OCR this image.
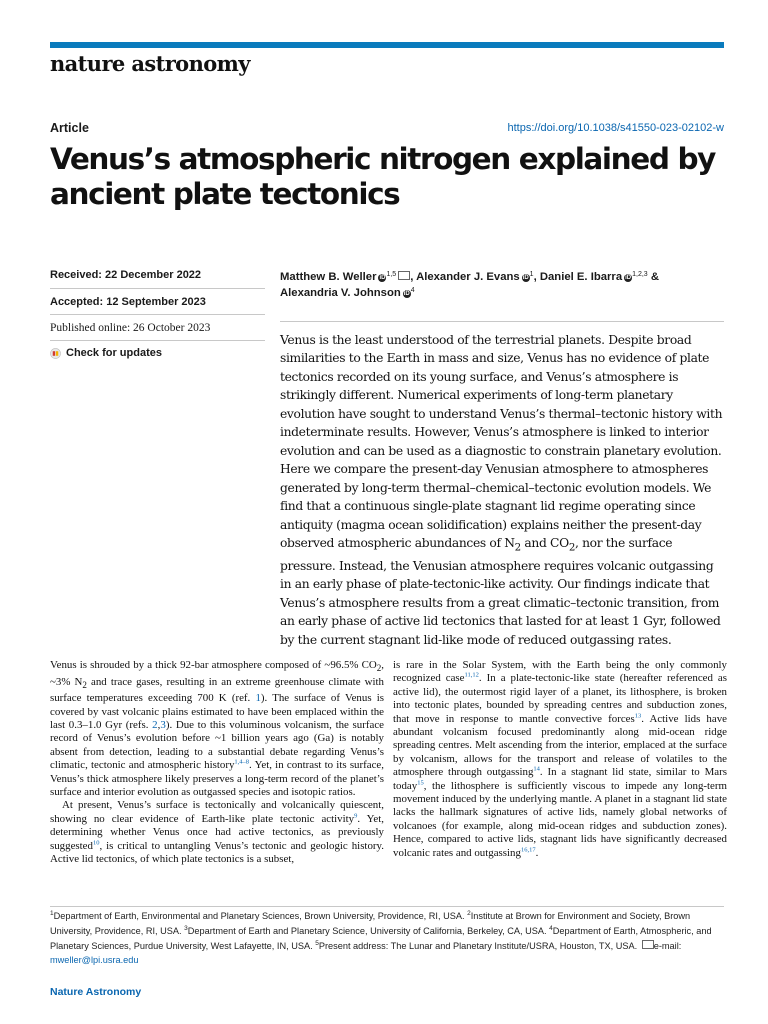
nature astronomy
Article	https://doi.org/10.1038/s41550-023-02102-w
Venus’s atmospheric nitrogen explained by ancient plate tectonics
Received: 22 December 2022
Accepted: 12 September 2023
Published online: 26 October 2023
Check for updates
Matthew B. Weller iD$^{1,5}$ , Alexander J. Evans iD$^1$, Daniel E. Ibarra iD$^{1,2,3}$ &
Alexandria V. Johnson iD$^4$

Venus is the least understood of the terrestrial planets. Despite broad similarities to the Earth in mass and size, Venus has no evidence of plate tectonics recorded on its young surface, and Venus’s atmosphere is strikingly different. Numerical experiments of long-term planetary evolution have sought to understand Venus’s thermal–tectonic history with indeterminate results. However, Venus’s atmosphere is linked to interior evolution and can be used as a diagnostic to constrain planetary evolution. Here we compare the present-day Venusian atmosphere to atmospheres generated by long-term thermal–chemical–tectonic evolution models. We find that a continuous single-plate stagnant lid regime operating since antiquity (magma ocean solidification) explains neither the present-day observed atmospheric abundances of $N_2$ and $CO_2$, nor the surface pressure. Instead, the Venusian atmosphere requires volcanic outgassing in an early phase of plate-tectonic-like activity. Our findings indicate that Venus’s atmosphere results from a great climatic–tectonic transition, from an early phase of active lid tectonics that lasted for at least 1 Gyr, followed by the current stagnant lid-like mode of reduced outgassing rates.

Venus is shrouded by a thick 92-bar atmosphere composed of ~96.5% $CO_2$, ~3% $N_2$ and trace gases, resulting in an extreme greenhouse climate with surface temperatures exceeding 700 K (ref. 1). The surface of Venus is covered by vast volcanic plains estimated to have been emplaced within the last 0.3–1.0 Gyr (refs. 2,3). Due to this voluminous volcanism, the surface record of Venus’s evolution before ~1 billion years ago (Ga) is notably absent from detection, leading to a substantial debate regarding Venus’s climatic, tectonic and atmospheric history$^{1,4-8}$. Yet, in contrast to its surface, Venus’s thick atmosphere likely preserves a long-term record of the planet’s surface and interior evolution as outgassed species and isotopic ratios.

At present, Venus’s surface is tectonically and volcanically quiescent, showing no clear evidence of Earth-like plate tectonic activity$^9$. Yet, determining whether Venus once had active tectonics, as previously suggested$^{10}$, is critical to untangling Venus’s tectonic and geologic history. Active lid tectonics, of which plate tectonics is a subset,

is rare in the Solar System, with the Earth being the only commonly recognized case$^{11,12}$. In a plate-tectonic-like state (hereafter referenced as active lid), the outermost rigid layer of a planet, its lithosphere, is broken into tectonic plates, bounded by spreading centres and subduction zones, that move in response to mantle convective forces$^{13}$. Active lids have abundant volcanism focused predominantly along mid-ocean ridge spreading centres. Melt ascending from the interior, emplaced at the surface by volcanism, allows for the transport and release of volatiles to the atmosphere through outgassing$^{14}$. In a stagnant lid state, similar to Mars today$^{15}$, the lithosphere is sufficiently viscous to impede any long-term movement induced by the underlying mantle. A planet in a stagnant lid state lacks the hallmark signatures of active lids, namely global networks of volcanoes (for example, along mid-ocean ridges and subduction zones). Hence, compared to active lids, stagnant lids have significantly decreased volcanic rates and outgassing$^{16,17}$.

$^1$Department of Earth, Environmental and Planetary Sciences, Brown University, Providence, RI, USA. $^2$Institute at Brown for Environment and Society, Brown University, Providence, RI, USA. $^3$Department of Earth and Planetary Science, University of California, Berkeley, CA, USA. $^4$Department of Earth, Atmospheric, and Planetary Sciences, Purdue University, West Lafayette, IN, USA. $^5$Present address: The Lunar and Planetary Institute/USRA, Houston, TX, USA. e-mail: mweller@lpi.usra.edu

Nature Astronomy
